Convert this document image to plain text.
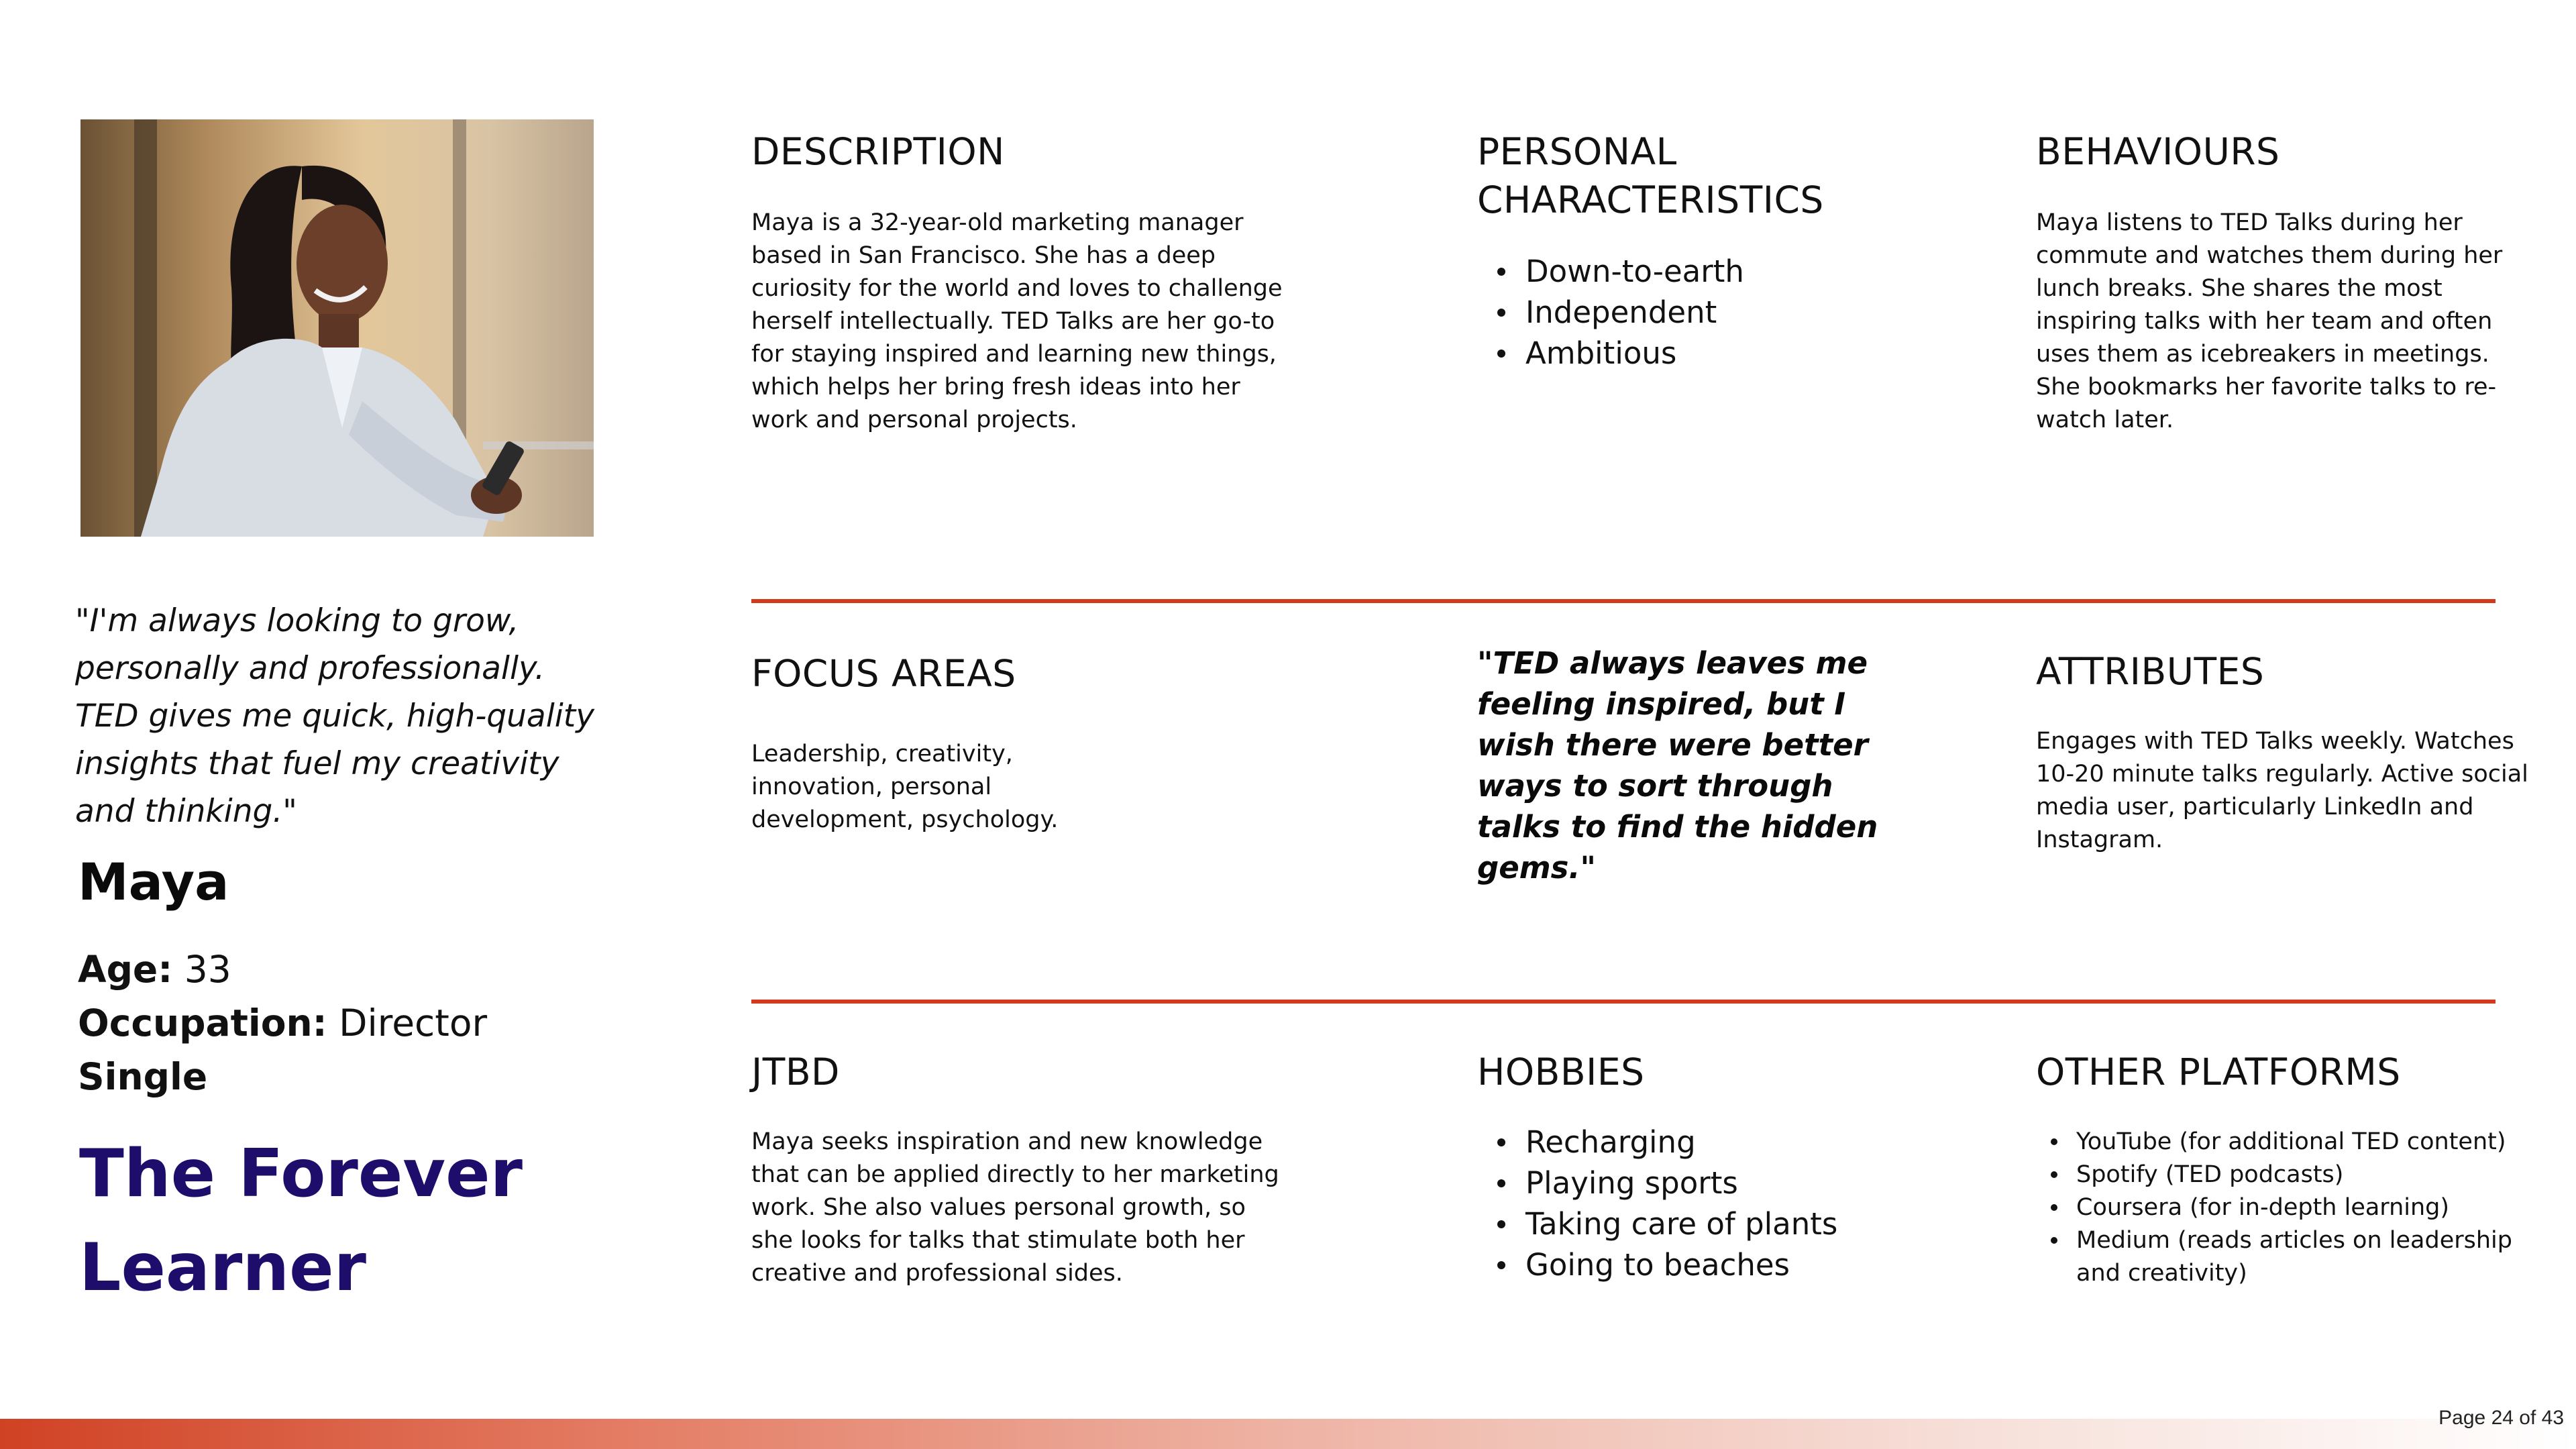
"I'm always looking to grow, personally and professionally. TED gives me quick, high-quality insights that fuel my creativity and thinking."
Maya
Age: 33
Occupation: Director
Single
The Forever Learner
DESCRIPTION

Maya is a 32-year-old marketing manager based in San Francisco. She has a deep curiosity for the world and loves to challenge herself intellectually. TED Talks are her go-to for staying inspired and learning new things, which helps her bring fresh ideas into her work and personal projects.

PERSONAL CHARACTERISTICS
Down-to-earth
Independent
Ambitious
BEHAVIOURS

Maya listens to TED Talks during her commute and watches them during her lunch breaks. She shares the most inspiring talks with her team and often uses them as icebreakers in meetings. She bookmarks her favorite talks to re-watch later.

FOCUS AREAS

Leadership, creativity, innovation, personal development, psychology.

"TED always leaves me feeling inspired, but I wish there were better ways to sort through talks to find the hidden gems."
ATTRIBUTES

Engages with TED Talks weekly. Watches 10-20 minute talks regularly. Active social media user, particularly LinkedIn and Instagram.

JTBD

Maya seeks inspiration and new knowledge that can be applied directly to her marketing work. She also values personal growth, so she looks for talks that stimulate both her creative and professional sides.

HOBBIES
Recharging
Playing sports
Taking care of plants
Going to beaches
OTHER PLATFORMS
YouTube (for additional TED content)
Spotify (TED podcasts)
Coursera (for in-depth learning)
Medium (reads articles on leadership and creativity)
Page 24 of 43
